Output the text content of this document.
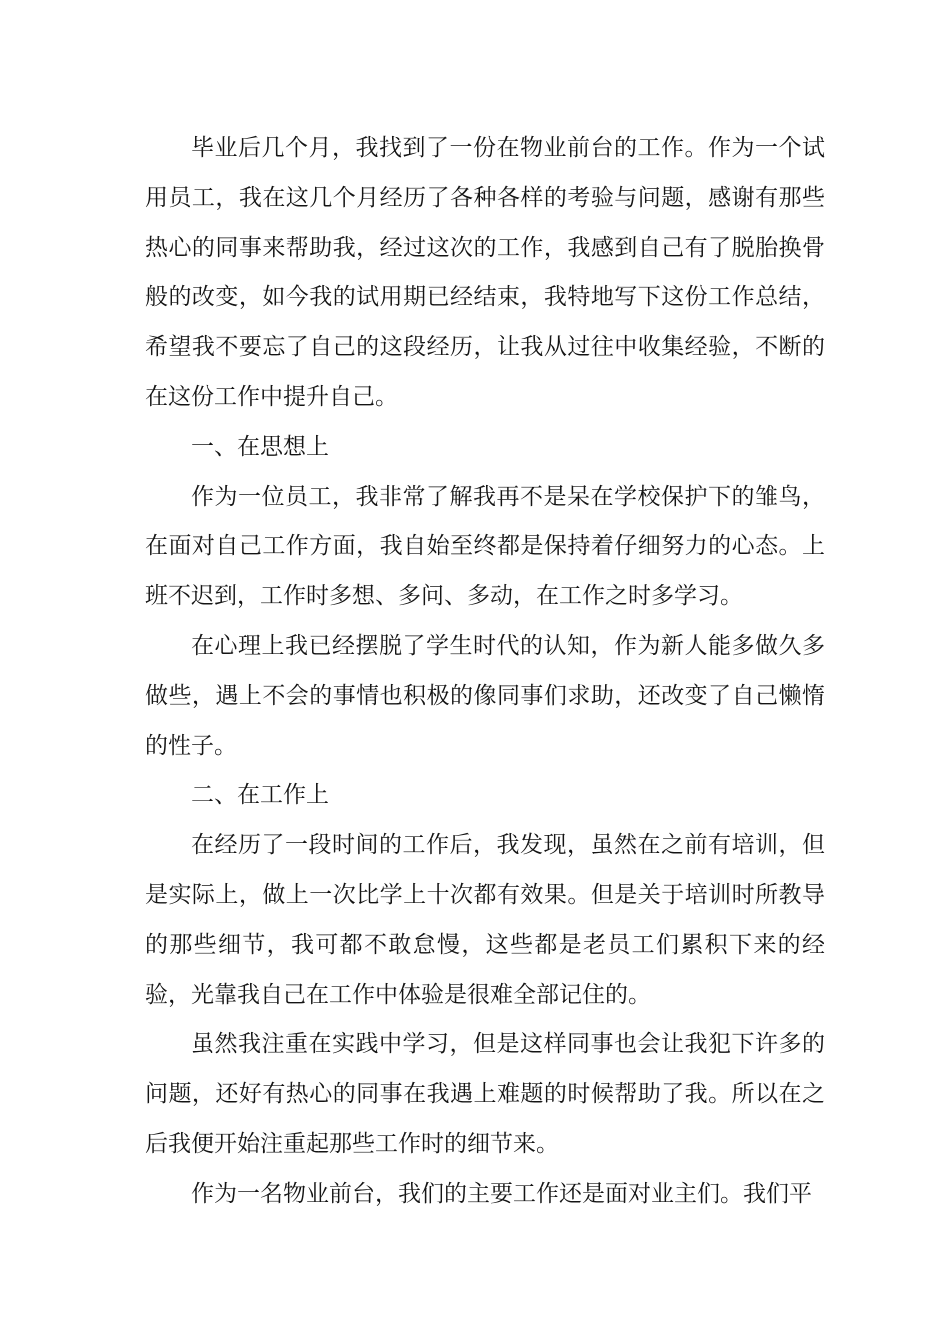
毕业后几个月，我找到了一份在物业前台的工作。作为一个试用员工，我在这几个月经历了各种各样的考验与问题，感谢有那些热心的同事来帮助我，经过这次的工作，我感到自己有了脱胎换骨般的改变，如今我的试用期已经结束，我特地写下这份工作总结，希望我不要忘了自己的这段经历，让我从过往中收集经验，不断的在这份工作中提升自己。

一、在思想上

作为一位员工，我非常了解我再不是呆在学校保护下的雏鸟，在面对自己工作方面，我自始至终都是保持着仔细努力的心态。上班不迟到，工作时多想、多问、多动，在工作之时多学习。

在心理上我已经摆脱了学生时代的认知，作为新人能多做久多做些，遇上不会的事情也积极的像同事们求助，还改变了自己懒惰的性子。

二、在工作上

在经历了一段时间的工作后，我发现，虽然在之前有培训，但是实际上，做上一次比学上十次都有效果。但是关于培训时所教导的那些细节，我可都不敢怠慢，这些都是老员工们累积下来的经验，光靠我自己在工作中体验是很难全部记住的。

虽然我注重在实践中学习，但是这样同事也会让我犯下许多的问题，还好有热心的同事在我遇上难题的时候帮助了我。所以在之后我便开始注重起那些工作时的细节来。

作为一名物业前台，我们的主要工作还是面对业主们。我们平
